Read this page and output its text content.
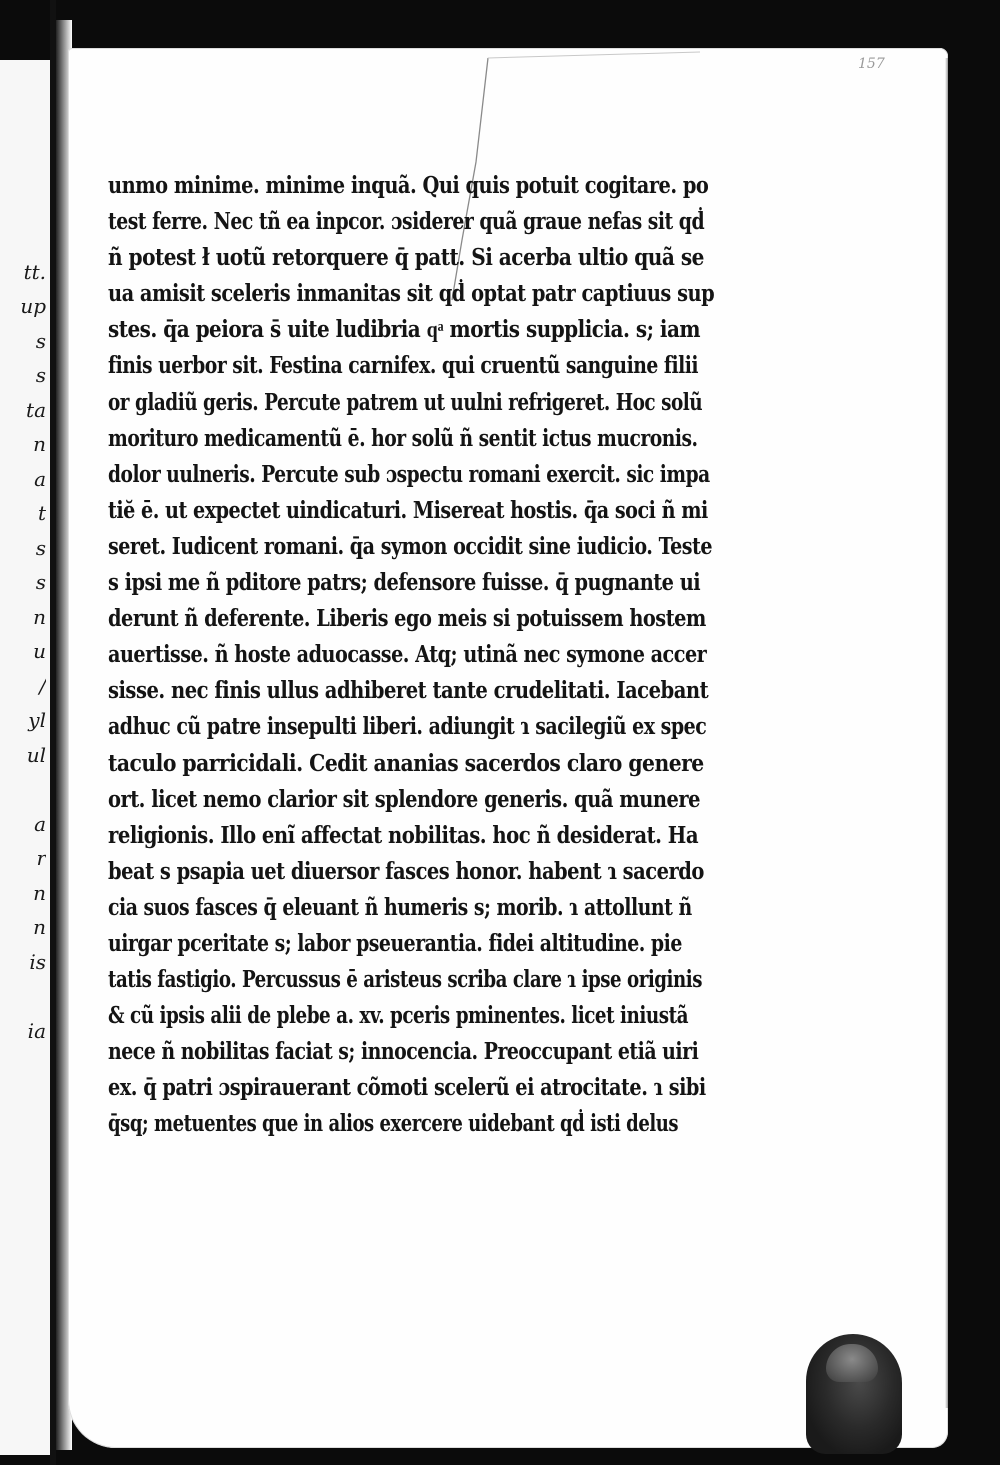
tt.
up
s
s
ta
n
a
t
s
s
n
u
/
yl
ul
a
r
n
n
is
ia
157
unmo minime. minime inquã. Qui quis potuit cogitare. po
test ferre. Nec tñ ea inpcor. ɔsiderer quã graue nefas sit qḋ
ñ potest ł uotũ retorquere q̄ patt. Si acerba ultio quã se
ua amisit sceleris inmanitas sit qḋ optat patr captiuus sup
stes. q̄a peiora s̄ uite ludibria qͣ mortis supplicia. s; iam
finis uerbor sit. Festina carnifex. qui cruentũ sanguine filii
or gladiũ geris. Percute patrem ut uulni refrigeret. Hoc solũ
morituro medicamentũ ē. hor solũ ñ sentit ictus mucronis.
dolor uulneris. Percute sub ɔspectu romani exercit. sic impa
tiĕ ē. ut expectet uindicaturi. Misereat hostis. q̄a soci ñ mi
seret. Iudicent romani. q̄a symon occidit sine iudicio. Teste
s ipsi me ñ pditore patrs; defensore fuisse. q̄ pugnante ui
derunt ñ deferente. Liberis ego meis si potuissem hostem
auertisse. ñ hoste aduocasse. Atq; utinã nec symone accer
sisse. nec finis ullus adhiberet tante crudelitati. Iacebant
adhuc cũ patre insepulti liberi. adiungit ɿ sacilegiũ ex spec
taculo parricidali. Cedit ananias sacerdos claro genere
ort. licet nemo clarior sit splendore generis. quã munere
religionis. Illo enĩ affectat nobilitas. hoc ñ desiderat. Ha
beat s psapia uet diuersor fasces honor. habent ɿ sacerdo
cia suos fasces q̄ eleuant ñ humeris s; morib. ɿ attollunt ñ
uirgar pceritate s; labor pseuerantia. fidei altitudine. pie
tatis fastigio. Percussus ē aristeus scriba clare ɿ ipse originis
& cũ ipsis alii de plebe a. xv. pceris pminentes. licet iniustã
nece ñ nobilitas faciat s; innocencia. Preoccupant etiã uiri
ex. q̄ patri ɔspirauerant cõmoti scelerũ ei atrocitate. ɿ sibi
q̄sq; metuentes que in alios exercere uidebant qḋ isti delus
